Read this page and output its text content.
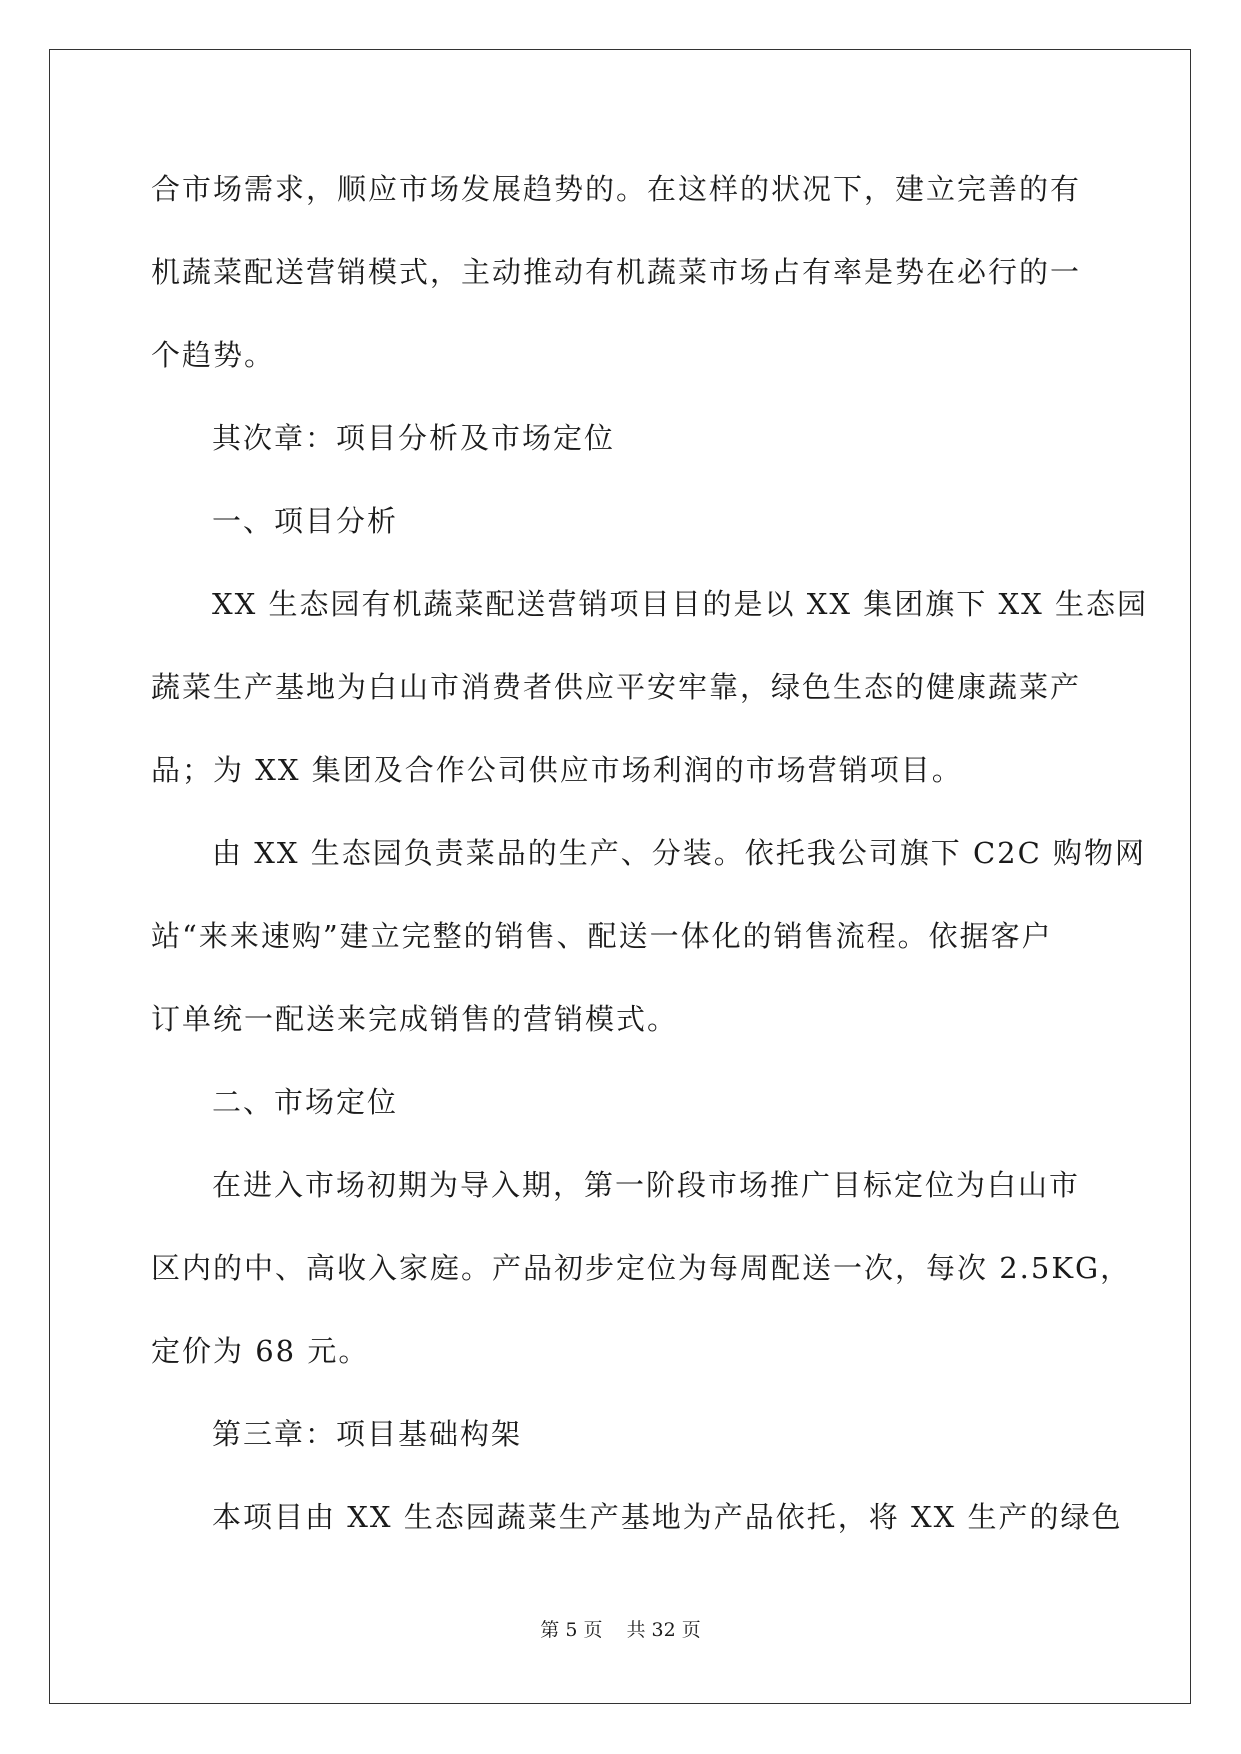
合市场需求，顺应市场发展趋势的。在这样的状况下，建立完善的有
机蔬菜配送营销模式，主动推动有机蔬菜市场占有率是势在必行的一
个趋势。
其次章：项目分析及市场定位
一、项目分析
XX 生态园有机蔬菜配送营销项目目的是以 XX 集团旗下 XX 生态园
蔬菜生产基地为白山市消费者供应平安牢靠，绿色生态的健康蔬菜产
品；为 XX 集团及合作公司供应市场利润的市场营销项目。
由 XX 生态园负责菜品的生产、分装。依托我公司旗下 C2C 购物网
站“来来速购”建立完整的销售、配送一体化的销售流程。依据客户
订单统一配送来完成销售的营销模式。
二、市场定位
在进入市场初期为导入期，第一阶段市场推广目标定位为白山市
区内的中、高收入家庭。产品初步定位为每周配送一次，每次 2.5KG，
定价为 68 元。
第三章：项目基础构架
本项目由 XX 生态园蔬菜生产基地为产品依托，将 XX 生产的绿色
第 5 页 共 32 页
